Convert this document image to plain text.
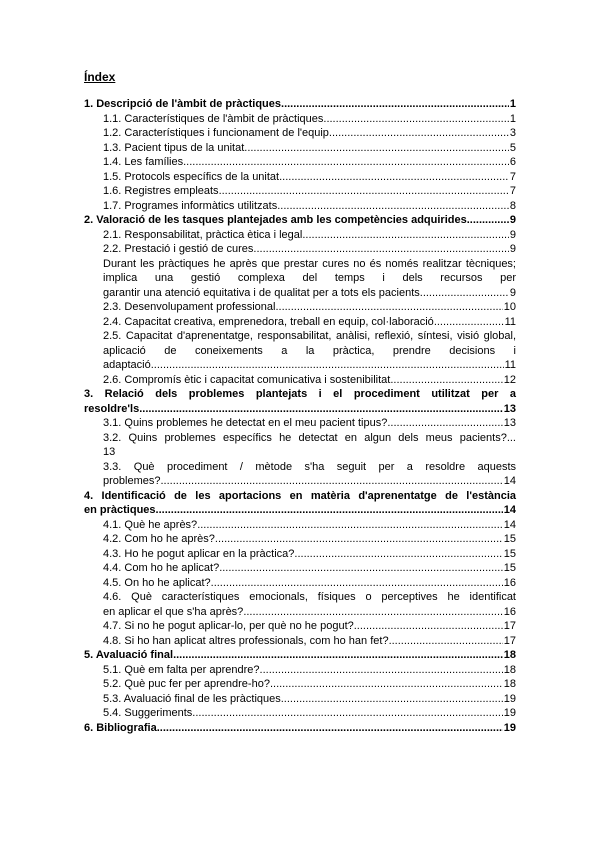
Índex
1. Descripció de l'àmbit de pràctiques .....	1
1.1. Característiques de l'àmbit de pràctiques .....	1
1.2. Característiques i funcionament de l'equip .....	3
1.3. Pacient tipus de la unitat .....	5
1.4. Les famílies .....	6
1.5. Protocols específics de la unitat .....	7
1.6. Registres empleats .....	7
1.7. Programes informàtics utilitzats .....	8
2. Valoració de les tasques plantejades amb les competències adquirides .....	9
2.1. Responsabilitat, pràctica ètica i legal .....	9
2.2. Prestació i gestió de cures .....	9
Durant les pràctiques he après que prestar cures no és només realitzar tècniques; implica una gestió complexa del temps i dels recursos per
garantir una atenció equitativa i de qualitat per a tots els pacients .....	9
2.3. Desenvolupament professional .....	10
2.4. Capacitat creativa, emprenedora, treball en equip, col·laboració .....	11
2.5. Capacitat d'aprenentatge, responsabilitat, anàlisi, reflexió, síntesi, visió global, aplicació de coneixements a la pràctica, prendre decisions i
adaptació .....	11
2.6. Compromís ètic i capacitat comunicativa i sostenibilitat .....	12
3. Relació dels problemes plantejats i el procediment utilitzat per a
resoldre'ls .....	13
3.1. Quins problemes he detectat en el meu pacient tipus? .....	13
3.2. Quins problemes específics he detectat en algun dels meus pacients?...
13
3.3. Què procediment / mètode s'ha seguit per a resoldre aquests
problemes? .....	14
4. Identificació de les aportacions en matèria d'aprenentatge de l'estància
en pràctiques .....	14
4.1. Què he après? .....	14
4.2. Com ho he après? .....	15
4.3. Ho he pogut aplicar en la pràctica? .....	15
4.4. Com ho he aplicat? .....	15
4.5. On ho he aplicat? .....	16
4.6. Què característiques emocionals, físiques o perceptives he identificat
en aplicar el que s'ha après? .....	16
4.7. Si no he pogut aplicar-lo, per què no he pogut? .....	17
4.8. Si ho han aplicat altres professionals, com ho han fet? .....	17
5. Avaluació final .....	18
5.1. Què em falta per aprendre? .....	18
5.2. Què puc fer per aprendre-ho? .....	18
5.3. Avaluació final de les pràctiques .....	19
5.4. Suggeriments .....	19
6. Bibliografia .....	19
